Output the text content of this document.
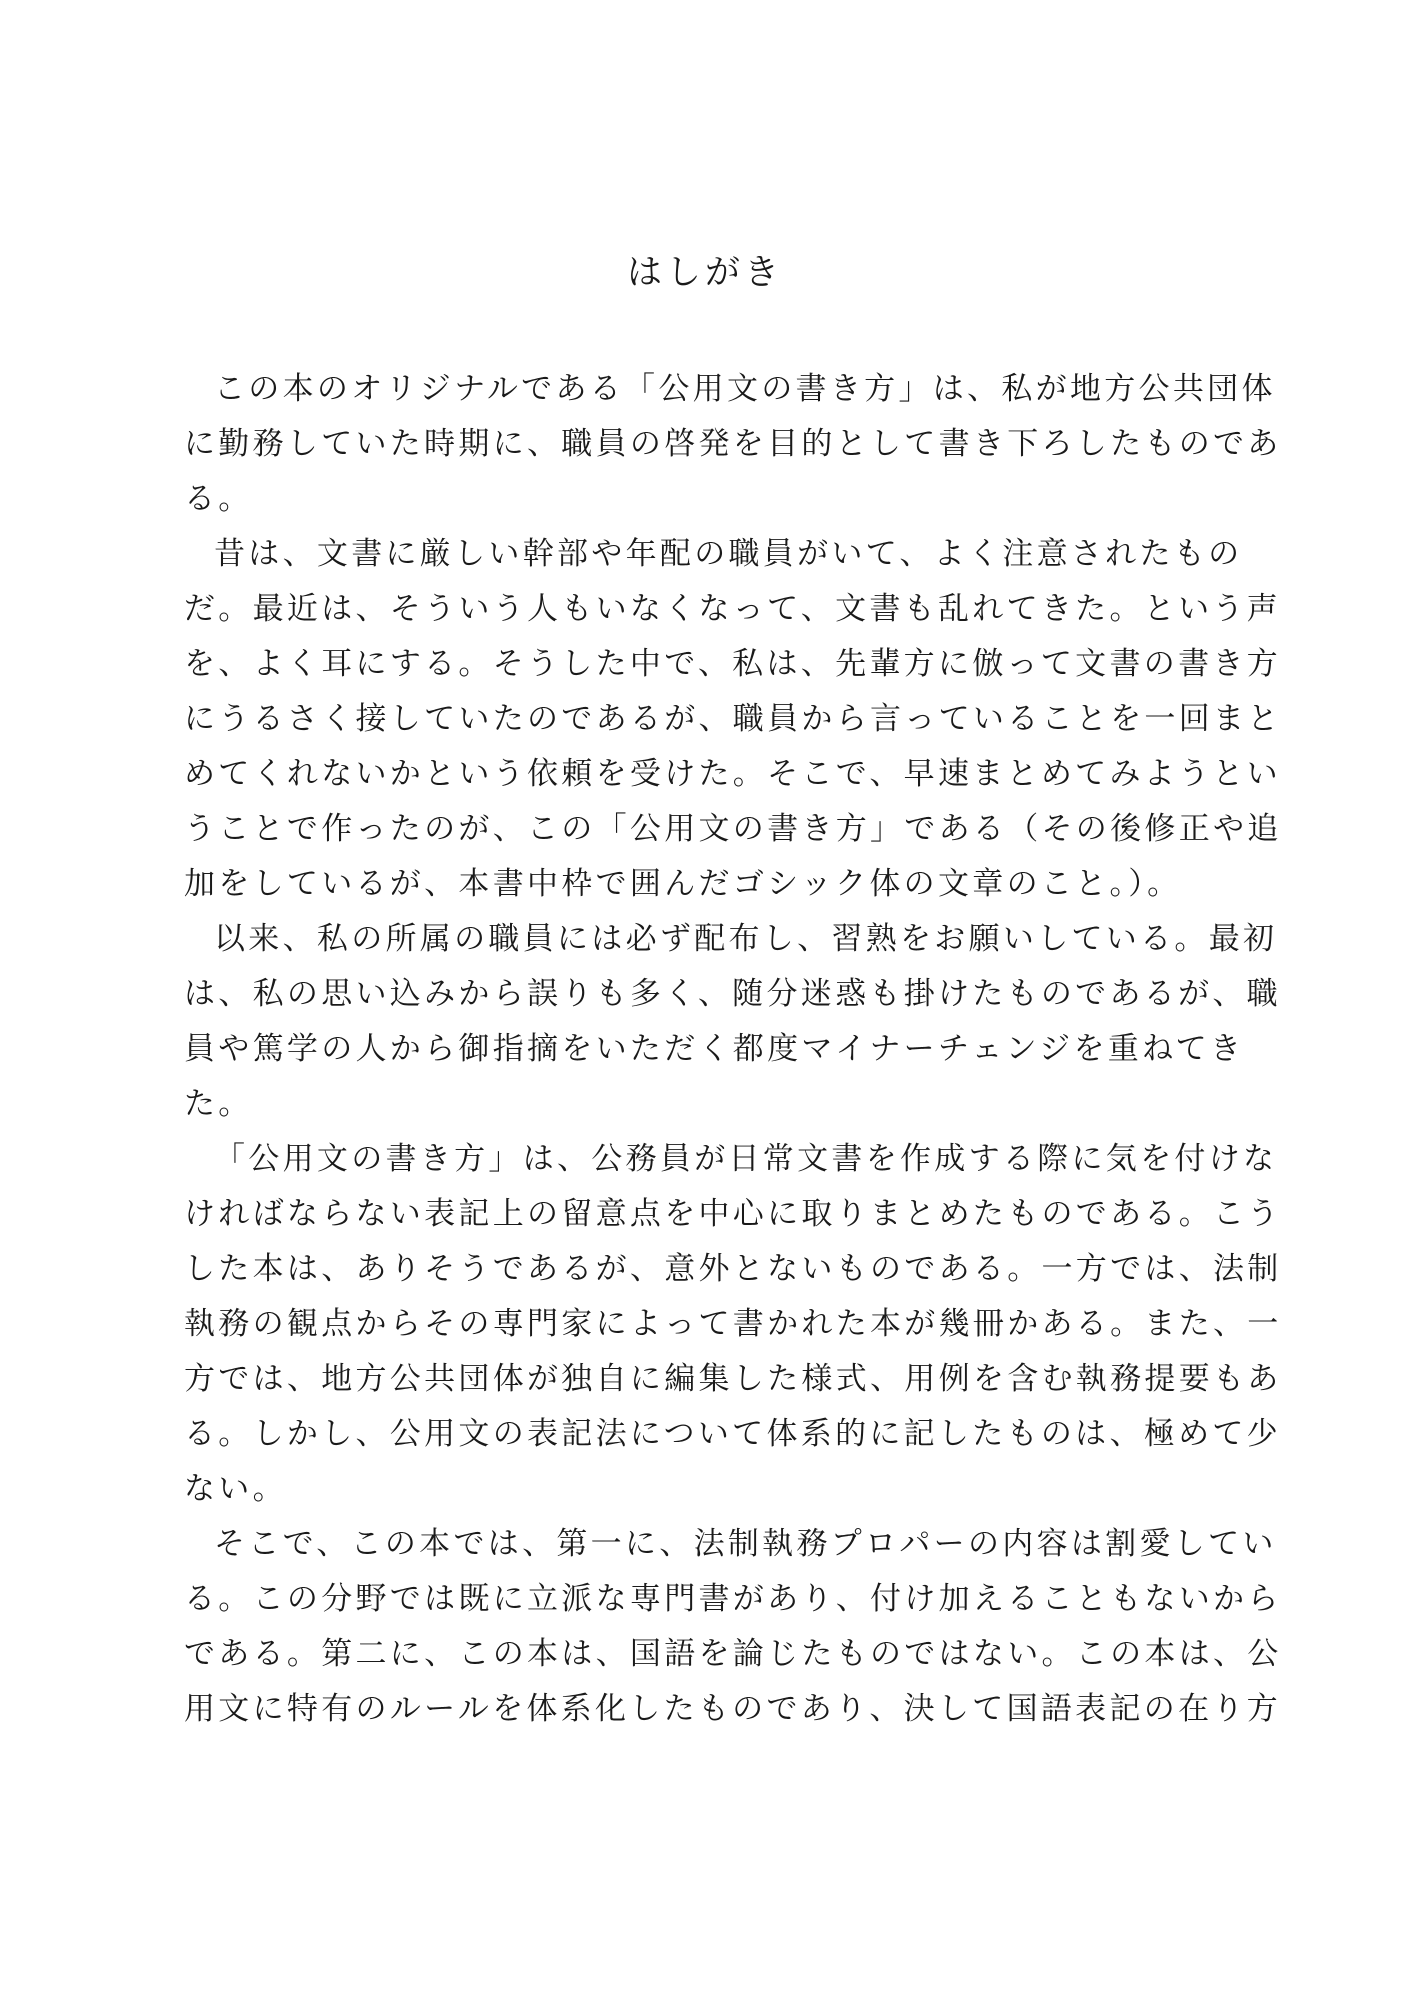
はしがき

この本のオリジナルである「公用文の書き方」は、私が地方公共団体
に勤務していた時期に、職員の啓発を目的として書き下ろしたものであ
る。

昔は、文書に厳しい幹部や年配の職員がいて、よく注意されたもの
だ。最近は、そういう人もいなくなって、文書も乱れてきた。という声
を、よく耳にする。そうした中で、私は、先輩方に倣って文書の書き方
にうるさく接していたのであるが、職員から言っていることを一回まと
めてくれないかという依頼を受けた。そこで、早速まとめてみようとい
うことで作ったのが、この「公用文の書き方」である（その後修正や追
加をしているが、本書中枠で囲んだゴシック体の文章のこと。）。

以来、私の所属の職員には必ず配布し、習熟をお願いしている。最初
は、私の思い込みから誤りも多く、随分迷惑も掛けたものであるが、職
員や篤学の人から御指摘をいただく都度マイナーチェンジを重ねてき
た。

「公用文の書き方」は、公務員が日常文書を作成する際に気を付けな
ければならない表記上の留意点を中心に取りまとめたものである。こう
した本は、ありそうであるが、意外とないものである。一方では、法制
執務の観点からその専門家によって書かれた本が幾冊かある。また、一
方では、地方公共団体が独自に編集した様式、用例を含む執務提要もあ
る。しかし、公用文の表記法について体系的に記したものは、極めて少
ない。

そこで、この本では、第一に、法制執務プロパーの内容は割愛してい
る。この分野では既に立派な専門書があり、付け加えることもないから
である。第二に、この本は、国語を論じたものではない。この本は、公
用文に特有のルールを体系化したものであり、決して国語表記の在り方
